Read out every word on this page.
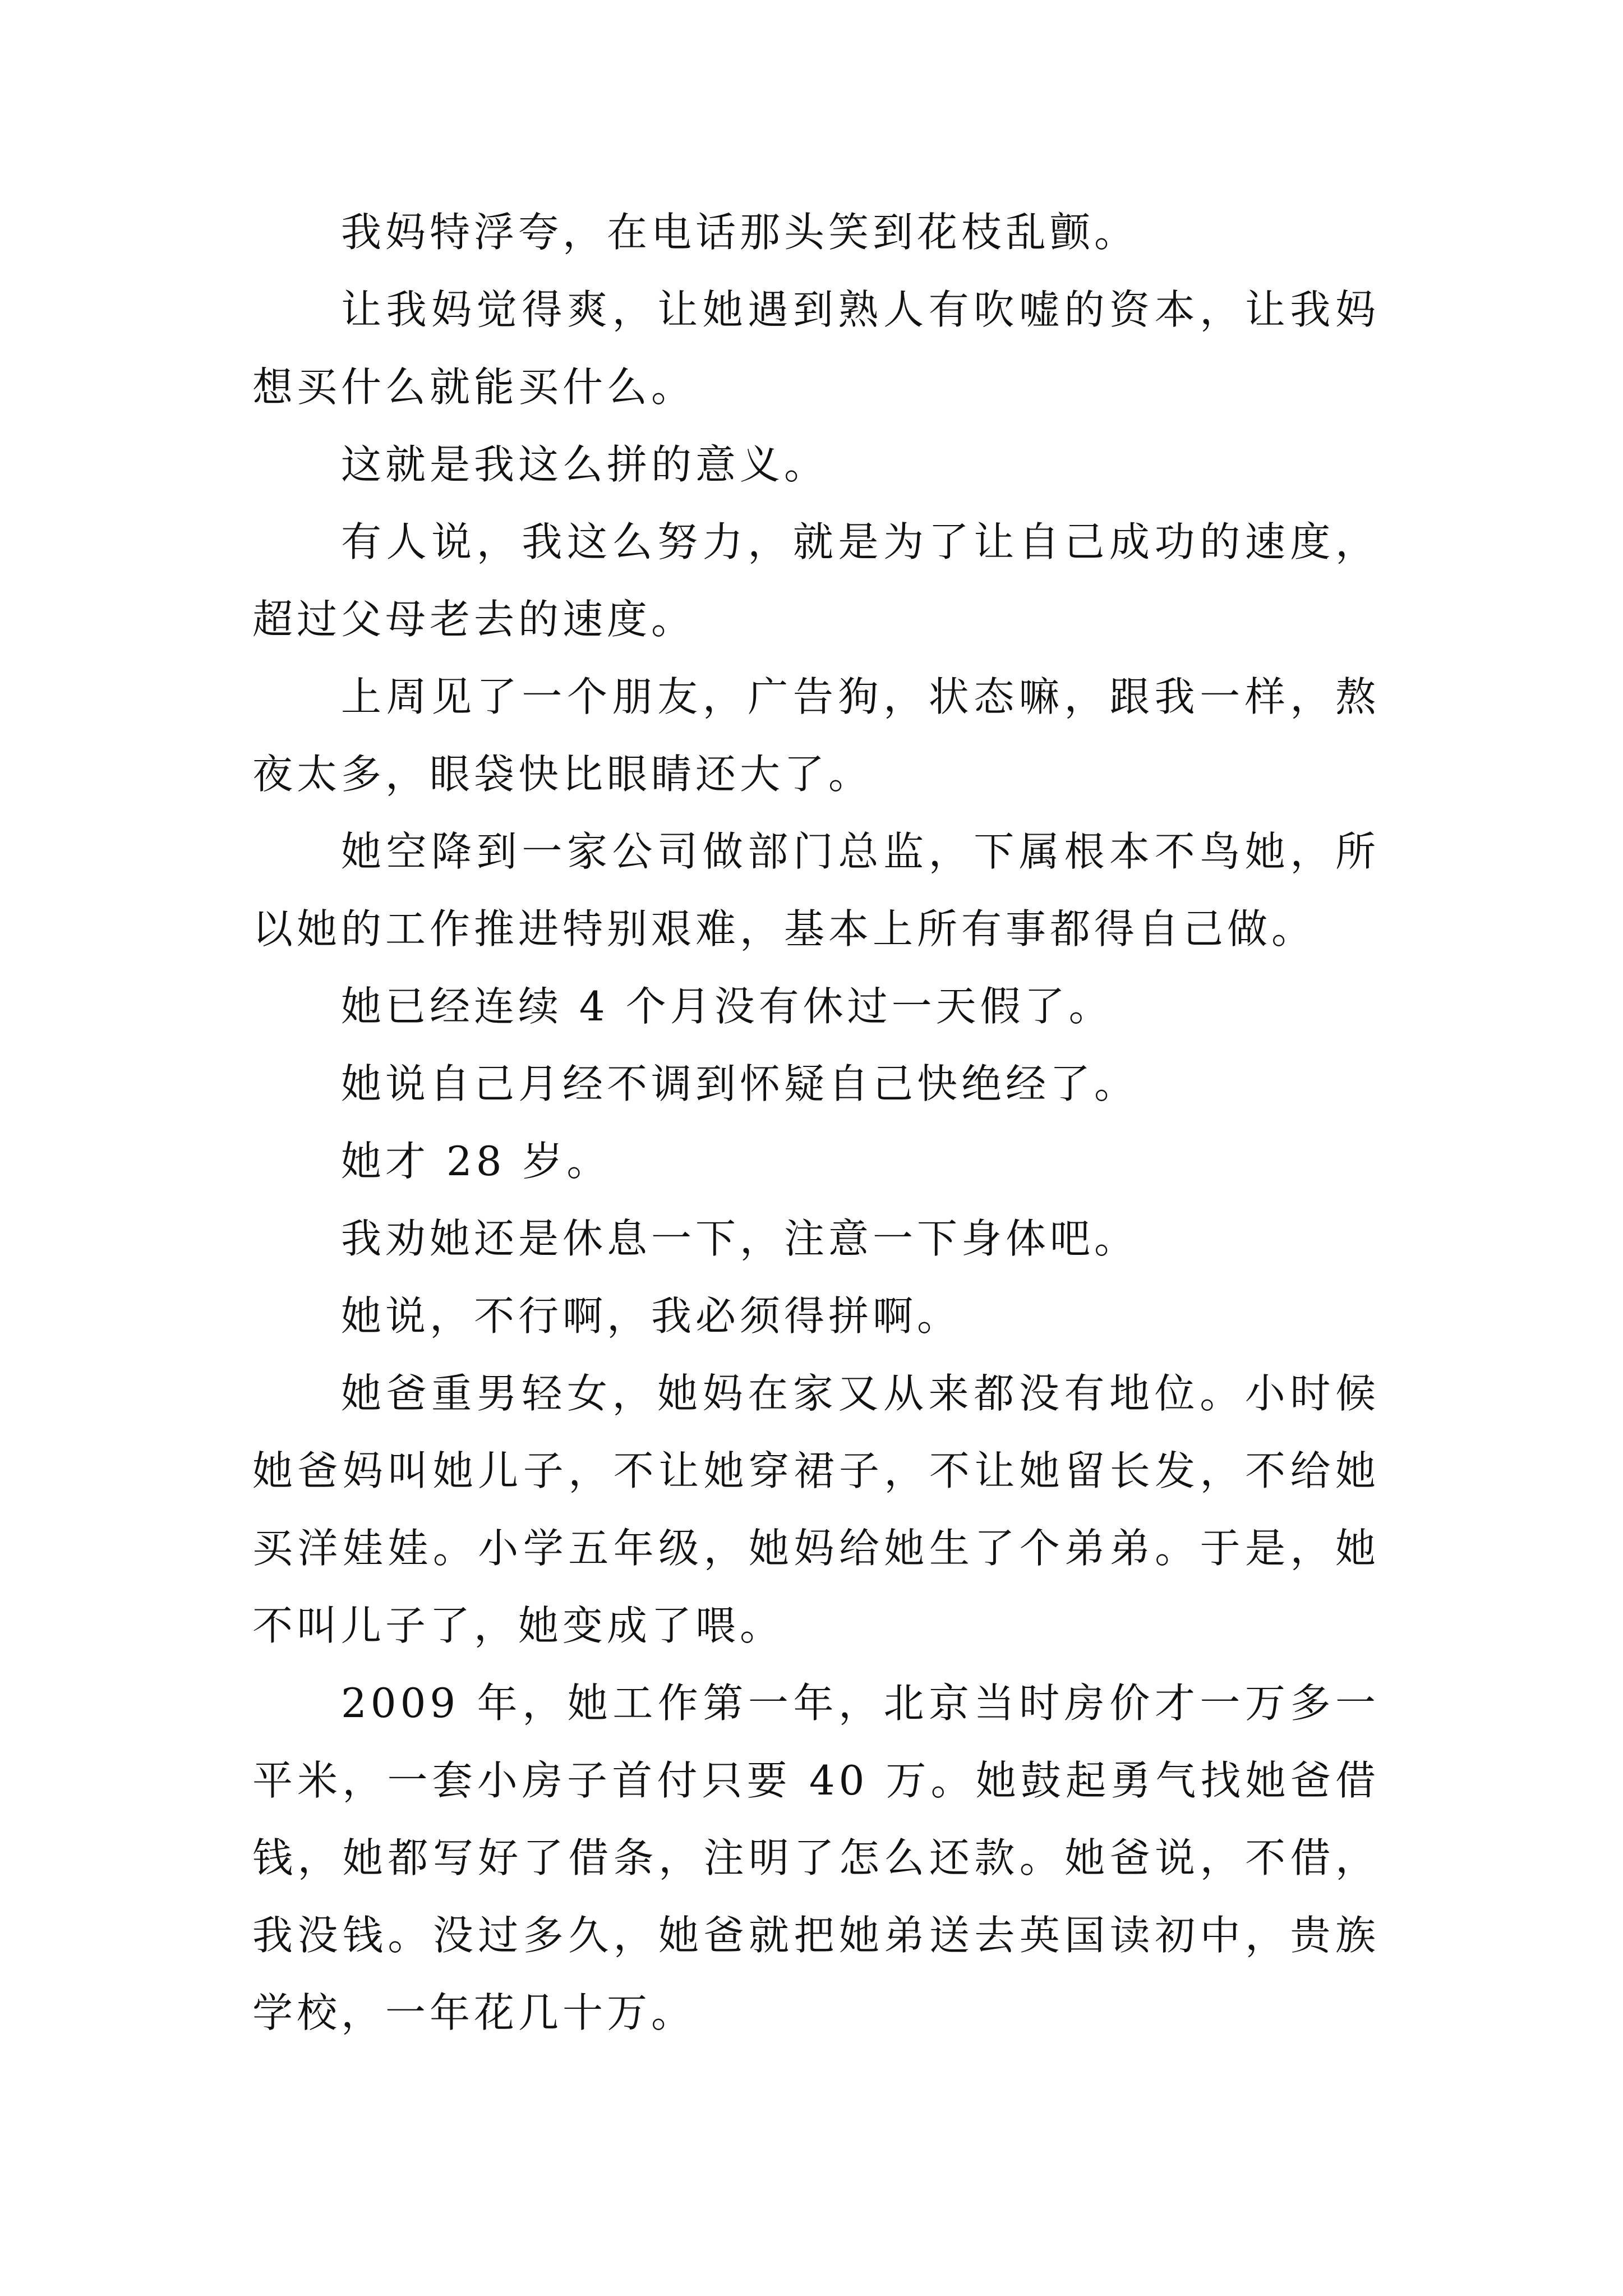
我妈特浮夸，在电话那头笑到花枝乱颤。

让我妈觉得爽，让她遇到熟人有吹嘘的资本，让我妈想买什么就能买什么。

这就是我这么拼的意义。

有人说，我这么努力，就是为了让自己成功的速度，超过父母老去的速度。

上周见了一个朋友，广告狗，状态嘛，跟我一样，熬夜太多，眼袋快比眼睛还大了。

她空降到一家公司做部门总监，下属根本不鸟她，所以她的工作推进特别艰难，基本上所有事都得自己做。

她已经连续 4 个月没有休过一天假了。

她说自己月经不调到怀疑自己快绝经了。

她才 28 岁。

我劝她还是休息一下，注意一下身体吧。

她说，不行啊，我必须得拼啊。

她爸重男轻女，她妈在家又从来都没有地位。小时候她爸妈叫她儿子，不让她穿裙子，不让她留长发，不给她买洋娃娃。小学五年级，她妈给她生了个弟弟。于是，她不叫儿子了，她变成了喂。

2009 年，她工作第一年，北京当时房价才一万多一平米，一套小房子首付只要 40 万。她鼓起勇气找她爸借钱，她都写好了借条，注明了怎么还款。她爸说，不借，我没钱。没过多久，她爸就把她弟送去英国读初中，贵族学校，一年花几十万。
